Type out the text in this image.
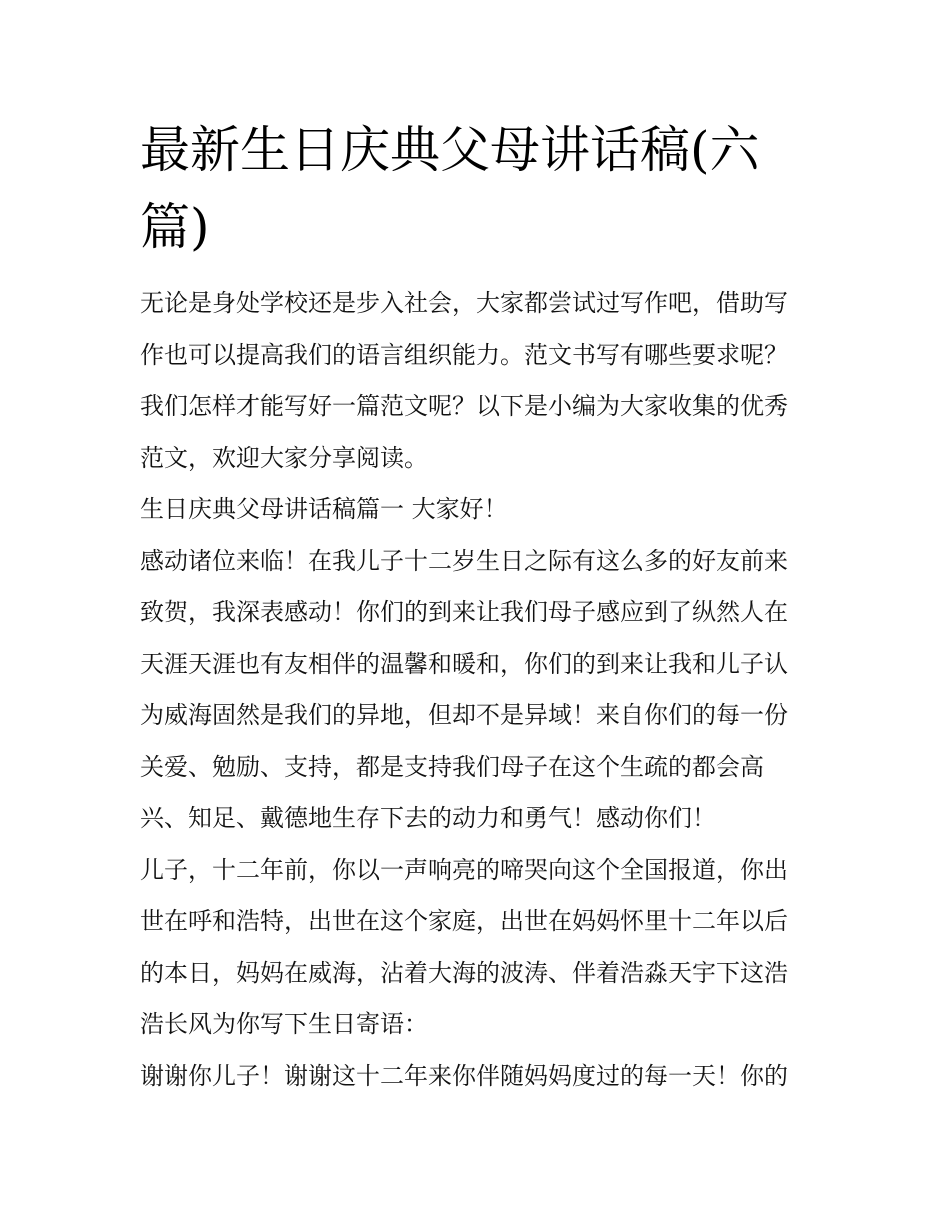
最新生日庆典父母讲话稿(六 篇)

无论是身处学校还是步入社会，大家都尝试过写作吧，借助写
作也可以提高我们的语言组织能力。范文书写有哪些要求呢？
我们怎样才能写好一篇范文呢？以下是小编为大家收集的优秀
范文，欢迎大家分享阅读。

生日庆典父母讲话稿篇一 大家好！

感动诸位来临！在我儿子十二岁生日之际有这么多的好友前来
致贺，我深表感动！你们的到来让我们母子感应到了纵然人在
天涯天涯也有友相伴的温馨和暖和，你们的到来让我和儿子认
为威海固然是我们的异地，但却不是异域！来自你们的每一份
关爱、勉励、支持，都是支持我们母子在这个生疏的都会高
兴、知足、戴德地生存下去的动力和勇气！感动你们！

儿子，十二年前，你以一声响亮的啼哭向这个全国报道，你出
世在呼和浩特，出世在这个家庭，出世在妈妈怀里十二年以后
的本日，妈妈在威海，沾着大海的波涛、伴着浩淼天宇下这浩
浩长风为你写下生日寄语：

谢谢你儿子！谢谢这十二年来你伴随妈妈度过的每一天！你的
